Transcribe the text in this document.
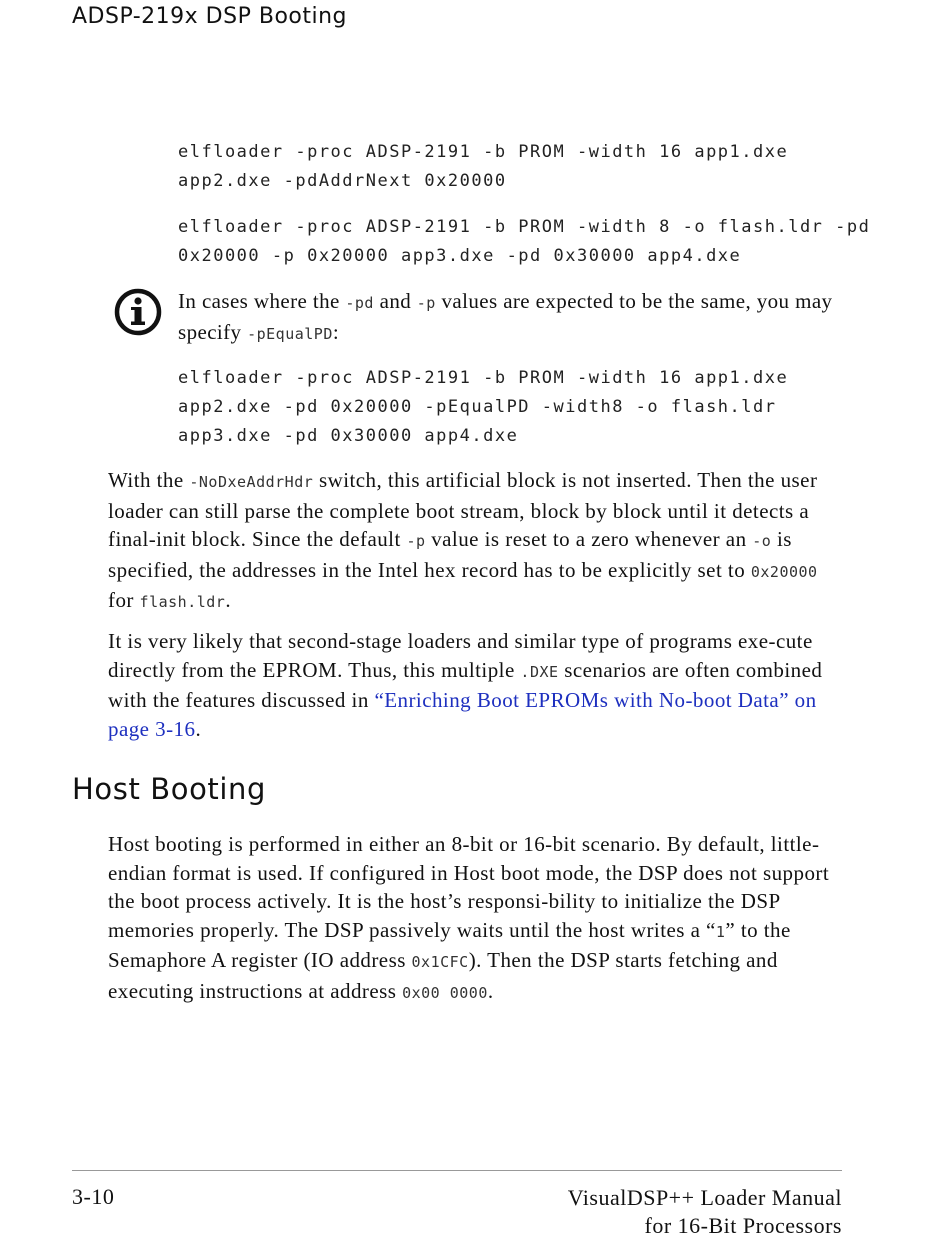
ADSP-219x DSP Booting
elfloader -proc ADSP-2191 -b PROM -width 16 app1.dxe
app2.dxe -pdAddrNext 0x20000
elfloader -proc ADSP-2191 -b PROM -width 8 -o flash.ldr -pd
0x20000 -p 0x20000 app3.dxe -pd 0x30000 app4.dxe
In cases where the -pd and -p values are expected to be the same, you may specify -pEqualPD:
elfloader -proc ADSP-2191 -b PROM -width 16 app1.dxe
app2.dxe -pd 0x20000 -pEqualPD -width8 -o flash.ldr
app3.dxe -pd 0x30000 app4.dxe
With the -NoDxeAddrHdr switch, this artificial block is not inserted. Then the user loader can still parse the complete boot stream, block by block until it detects a final-init block. Since the default -p value is reset to a zero whenever an -o is specified, the addresses in the Intel hex record has to be explicitly set to 0x20000 for flash.ldr.
It is very likely that second-stage loaders and similar type of programs exe-cute directly from the EPROM. Thus, this multiple .DXE scenarios are often combined with the features discussed in “Enriching Boot EPROMs with No-boot Data” on page 3-16.
Host Booting
Host booting is performed in either an 8-bit or 16-bit scenario. By default, little-endian format is used. If configured in Host boot mode, the DSP does not support the boot process actively. It is the host’s responsi-bility to initialize the DSP memories properly. The DSP passively waits until the host writes a “1” to the Semaphore A register (IO address 0x1CFC). Then the DSP starts fetching and executing instructions at address 0x00 0000.
3-10	VisualDSP++ Loader Manual
for 16-Bit Processors
